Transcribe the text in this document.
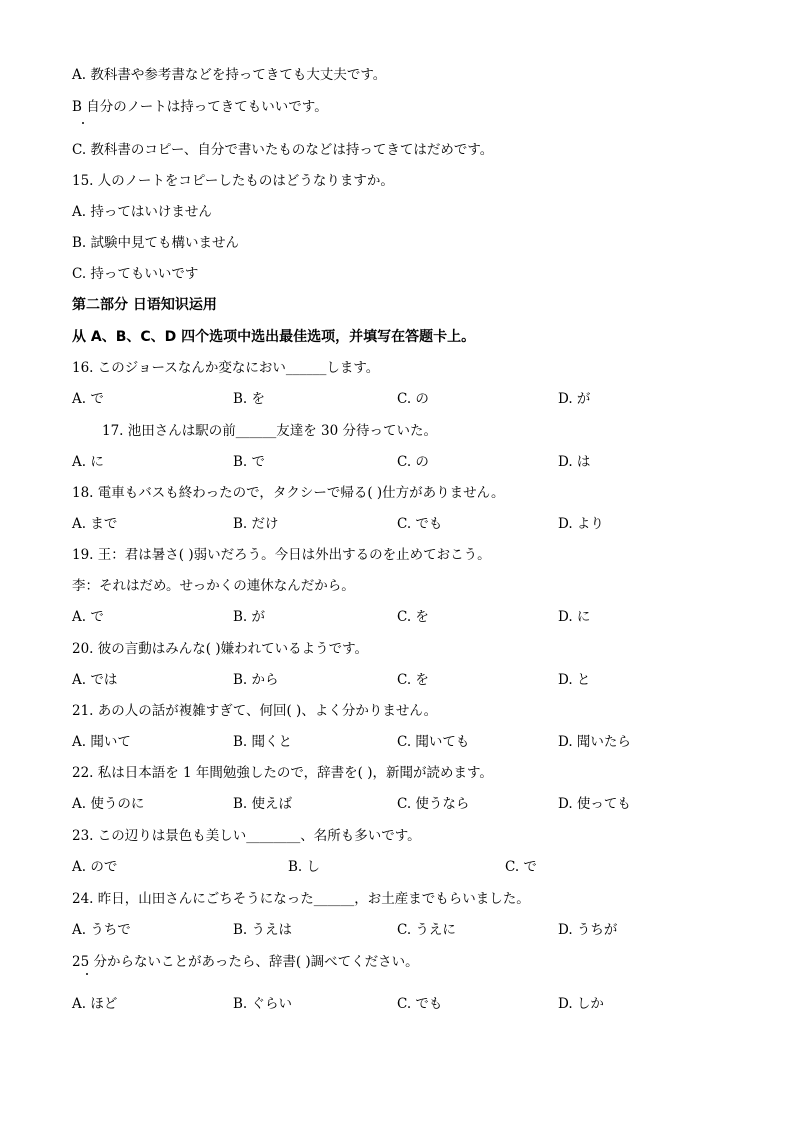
A. 教科書や参考書などを持ってきても大丈夫です。
B 自分のノートは持ってきてもいいです。
C. 教科書のコピー、自分で書いたものなどは持ってきてはだめです。
15. 人のノートをコピーしたものはどうなりますか。
A. 持ってはいけません
B. 試験中見ても構いません
C. 持ってもいいです
第二部分 日语知识运用
从 A、B、C、D 四个选项中选出最佳选项，并填写在答题卡上。
16. このジョースなんか変なにおい______します。
A. で	B. を	C. の	D. が
17. 池田さんは駅の前______友達を 30 分待っていた。
A. に	B. で	C. の	D. は
18. 電車もバスも終わったので，タクシーで帰る( )仕方がありません。
A. まで	B. だけ	C. でも	D. より
19. 王：君は暑さ( )弱いだろう。今日は外出するのを止めておこう。
李：それはだめ。せっかくの連休なんだから。
A. で	B. が	C. を	D. に
20. 彼の言動はみんな( )嫌われているようです。
A. では	B. から	C. を	D. と
21. あの人の話が複雑すぎて、何回( )、よく分かりません。
A. 聞いて	B. 聞くと	C. 聞いても	D. 聞いたら
22. 私は日本語を 1 年間勉強したので，辞書を( )，新聞が読めます。
A. 使うのに	B. 使えば	C. 使うなら	D. 使っても
23. この辺りは景色も美しい________、名所も多いです。
A. ので	B. し	C. で
24. 昨日，山田さんにごちそうになった______，お土産までもらいました。
A. うちで	B. うえは	C. うえに	D. うちが
25 分からないことがあったら、辞書( )調べてください。
A. ほど	B. ぐらい	C. でも	D. しか
